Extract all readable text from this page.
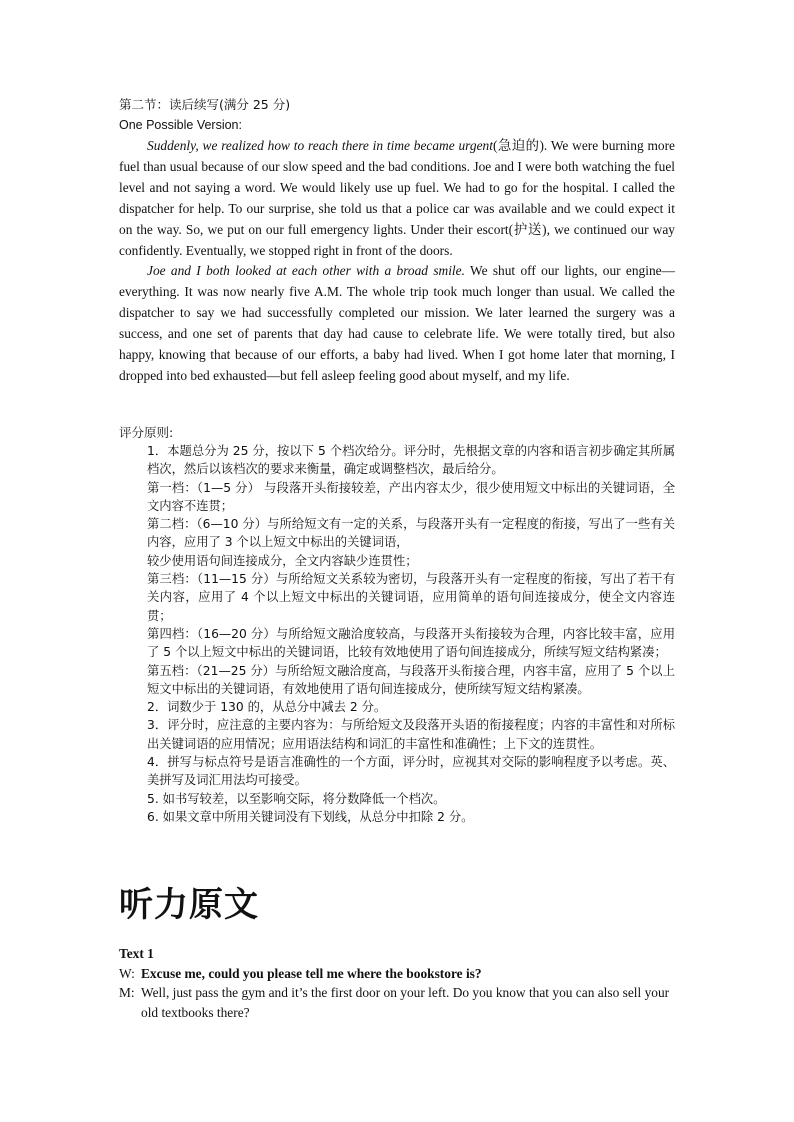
第二节：读后续写(满分 25 分)
One Possible Version:

Suddenly, we realized how to reach there in time became urgent(急迫的). We were burning more fuel than usual because of our slow speed and the bad conditions. Joe and I were both watching the fuel level and not saying a word. We would likely use up fuel. We had to go for the hospital. I called the dispatcher for help. To our surprise, she told us that a police car was available and we could expect it on the way. So, we put on our full emergency lights. Under their escort(护送), we continued our way confidently. Eventually, we stopped right in front of the doors.

Joe and I both looked at each other with a broad smile. We shut off our lights, our engine—everything. It was now nearly five A.M. The whole trip took much longer than usual. We called the dispatcher to say we had successfully completed our mission. We later learned the surgery was a success, and one set of parents that day had cause to celebrate life. We were totally tired, but also happy, knowing that because of our efforts, a baby had lived. When I got home later that morning, I dropped into bed exhausted—but fell asleep feeling good about myself, and my life.

评分原则:
1．本题总分为 25 分，按以下 5 个档次给分。评分时，先根据文章的内容和语言初步确定其所属档次，然后以该档次的要求来衡量，确定或调整档次，最后给分。
第一档：（1—5 分） 与段落开头衔接较差，产出内容太少，很少使用短文中标出的关键词语，全文内容不连贯；
第二档：（6—10 分）与所给短文有一定的关系，与段落开头有一定程度的衔接，写出了一些有关内容，应用了 3 个以上短文中标出的关键词语，
较少使用语句间连接成分，全文内容缺少连贯性；
第三档：（11—15 分）与所给短文关系较为密切，与段落开头有一定程度的衔接，写出了若干有关内容，应用了 4 个以上短文中标出的关键词语，应用简单的语句间连接成分，使全文内容连贯；
第四档：（16—20 分）与所给短文融洽度较高，与段落开头衔接较为合理，内容比较丰富，应用了 5 个以上短文中标出的关键词语，比较有效地使用了语句间连接成分，所续写短文结构紧凑；
第五档：（21—25 分）与所给短文融洽度高，与段落开头衔接合理，内容丰富，应用了 5 个以上短文中标出的关键词语，有效地使用了语句间连接成分，使所续写短文结构紧凑。
2．词数少于 130 的，从总分中减去 2 分。
3．评分时，应注意的主要内容为：与所给短文及段落开头语的衔接程度；内容的丰富性和对所标出关键词语的应用情况；应用语法结构和词汇的丰富性和准确性；上下文的连贯性。
4．拼写与标点符号是语言准确性的一个方面，评分时，应视其对交际的影响程度予以考虑。英、美拼写及词汇用法均可接受。
5. 如书写较差，以至影响交际，将分数降低一个档次。
6. 如果文章中所用关键词没有下划线，从总分中扣除 2 分。
听力原文
Text 1
W: Excuse me, could you please tell me where the bookstore is?
M: Well, just pass the gym and it’s the first door on your left. Do you know that you can also sell your old textbooks there?
